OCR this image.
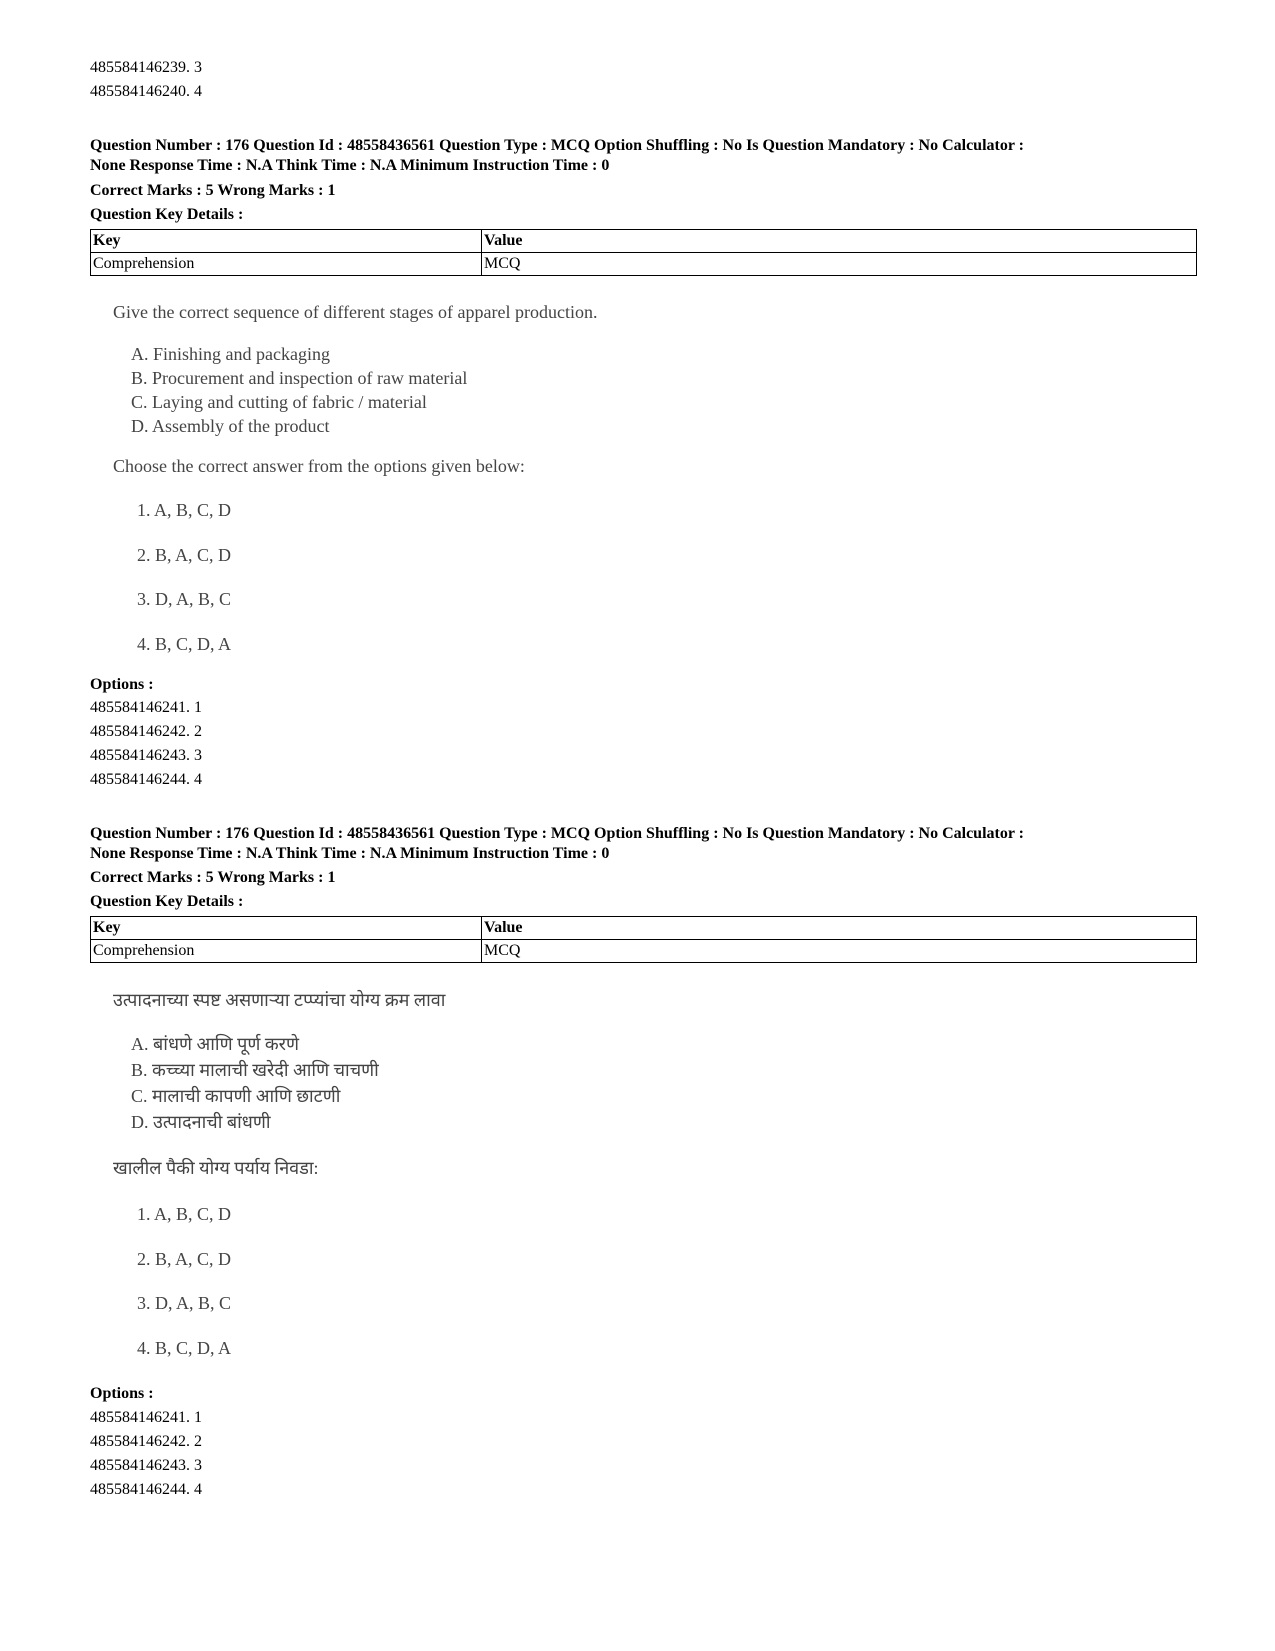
485584146239. 3
485584146240. 4
Question Number : 176 Question Id : 48558436561 Question Type : MCQ Option Shuffling : No Is Question Mandatory : No Calculator :
None Response Time : N.A Think Time : N.A Minimum Instruction Time : 0
Correct Marks : 5 Wrong Marks : 1
Question Key Details :
Key	Value
Comprehension	MCQ
Give the correct sequence of different stages of apparel production.
A. Finishing and packaging
B. Procurement and inspection of raw material
C. Laying and cutting of fabric / material
D. Assembly of the product
Choose the correct answer from the options given below:
1. A, B, C, D
2. B, A, C, D
3. D, A, B, C
4. B, C, D, A
Options :
485584146241. 1
485584146242. 2
485584146243. 3
485584146244. 4
Question Number : 176 Question Id : 48558436561 Question Type : MCQ Option Shuffling : No Is Question Mandatory : No Calculator :
None Response Time : N.A Think Time : N.A Minimum Instruction Time : 0
Correct Marks : 5 Wrong Marks : 1
Question Key Details :
Key	Value
Comprehension	MCQ
उत्पादनाच्या स्पष्ट असणाऱ्या टप्प्यांचा योग्य क्रम लावा
A. बांधणे आणि पूर्ण करणे
B. कच्च्या मालाची खरेदी आणि चाचणी
C. मालाची कापणी आणि छाटणी
D. उत्पादनाची बांधणी
खालील पैकी योग्य पर्याय निवडा:
1. A, B, C, D
2. B, A, C, D
3. D, A, B, C
4. B, C, D, A
Options :
485584146241. 1
485584146242. 2
485584146243. 3
485584146244. 4
